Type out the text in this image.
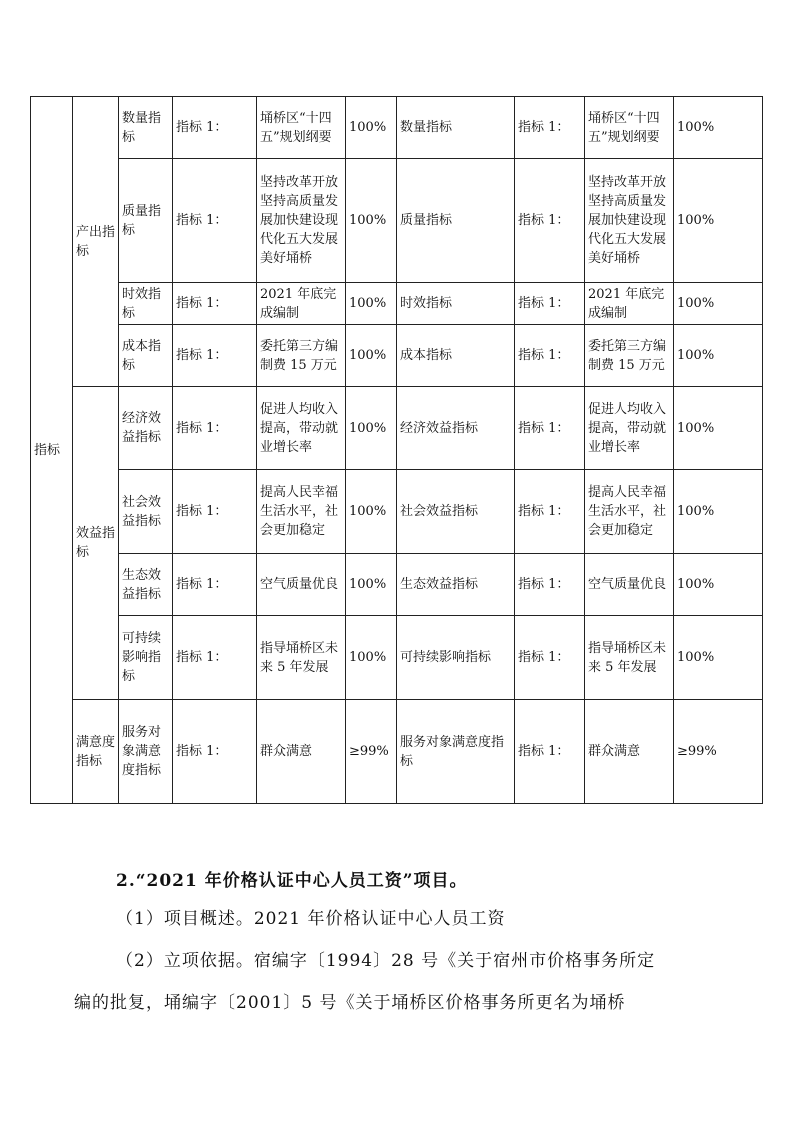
指标	产出指标	数量指标	指标 1：	埇桥区“十四五”规划纲要	100%	数量指标	指标 1：	埇桥区“十四五”规划纲要	100%
		质量指标	指标 1：	坚持改革开放坚持高质量发展加快建设现代化五大发展美好埇桥	100%	质量指标	指标 1：	坚持改革开放坚持高质量发展加快建设现代化五大发展美好埇桥	100%
		时效指标	指标 1：	2021 年底完成编制	100%	时效指标	指标 1：	2021 年底完成编制	100%
		成本指标	指标 1：	委托第三方编制费 15 万元	100%	成本指标	指标 1：	委托第三方编制费 15 万元	100%
	效益指标	经济效益指标	指标 1：	促进人均收入提高，带动就业增长率	100%	经济效益指标	指标 1：	促进人均收入提高，带动就业增长率	100%
		社会效益指标	指标 1：	提高人民幸福生活水平，社会更加稳定	100%	社会效益指标	指标 1：	提高人民幸福生活水平，社会更加稳定	100%
		生态效益指标	指标 1：	空气质量优良	100%	生态效益指标	指标 1：	空气质量优良	100%
		可持续影响指标	指标 1：	指导埇桥区未来 5 年发展	100%	可持续影响指标	指标 1：	指导埇桥区未来 5 年发展	100%
	满意度指标	服务对象满意度指标	指标 1：	群众满意	≥99%	服务对象满意度指标	指标 1：	群众满意	≥99%
2.“2021 年价格认证中心人员工资”项目。
（1）项目概述。2021 年价格认证中心人员工资
（2）立项依据。宿编字〔1994〕28 号《关于宿州市价格事务所定
编的批复，埇编字〔2001〕5 号《关于埇桥区价格事务所更名为埇桥
